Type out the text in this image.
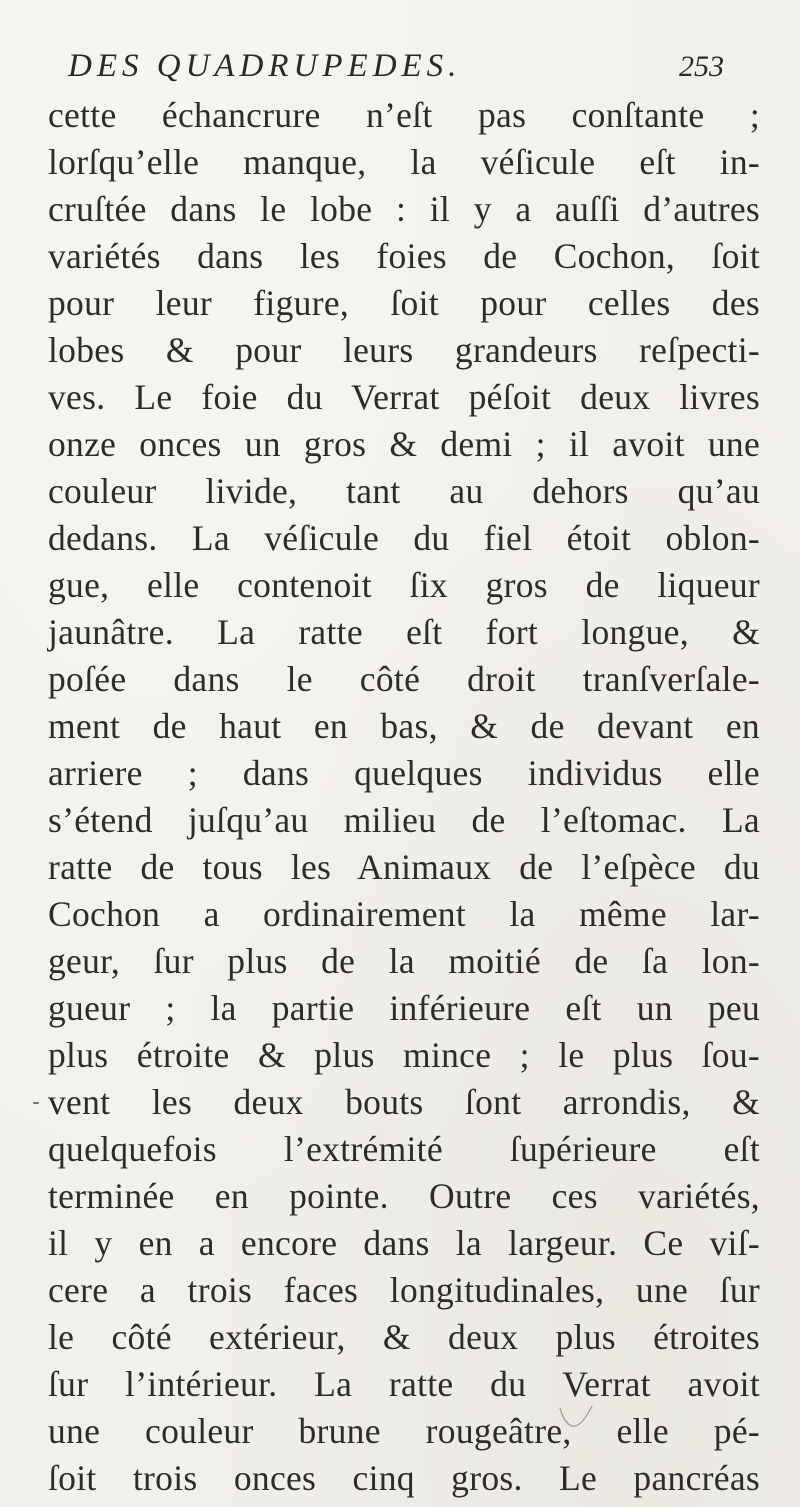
DES QUADRUPEDES.	253
cette échancrure n’eſt pas conſtante ;
lorſqu’elle manque, la véſicule eſt in-
cruſtée dans le lobe : il y a auſſi d’autres
variétés dans les foies de Cochon, ſoit
pour leur figure, ſoit pour celles des
lobes & pour leurs grandeurs reſpecti-
ves. Le foie du Verrat péſoit deux livres
onze onces un gros & demi ; il avoit une
couleur livide, tant au dehors qu’au
dedans. La véſicule du fiel étoit oblon-
gue, elle contenoit ſix gros de liqueur
jaunâtre. La ratte eſt fort longue, &
poſée dans le côté droit tranſverſale-
ment de haut en bas, & de devant en
arriere ; dans quelques individus elle
s’étend juſqu’au milieu de l’eſtomac. La
ratte de tous les Animaux de l’eſpèce du
Cochon a ordinairement la même lar-
geur, ſur plus de la moitié de ſa lon-
gueur ; la partie inférieure eſt un peu
plus étroite & plus mince ; le plus ſou-
vent les deux bouts ſont arrondis, &
quelquefois l’extrémité ſupérieure eſt
terminée en pointe. Outre ces variétés,
il y en a encore dans la largeur. Ce viſ-
cere a trois faces longitudinales, une ſur
le côté extérieur, & deux plus étroites
ſur l’intérieur. La ratte du Verrat avoit
une couleur brune rougeâtre, elle pé-
ſoit trois onces cinq gros. Le pancréas
